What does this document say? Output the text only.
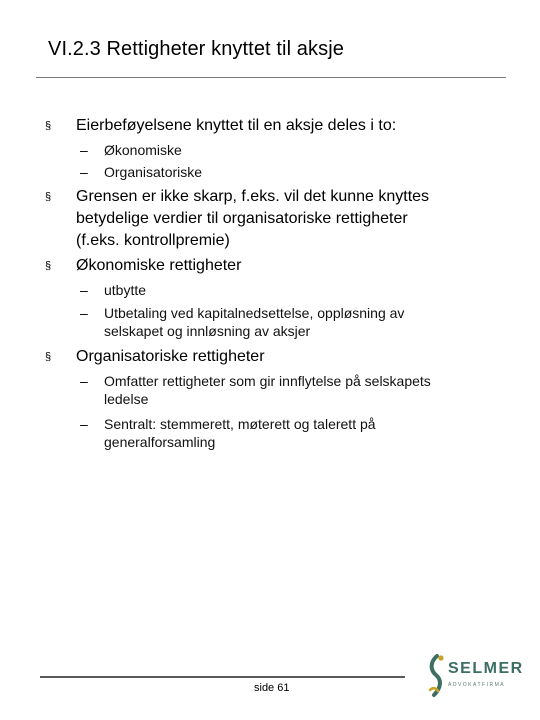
VI.2.3 Rettigheter knyttet til aksje
§ Eierbeføyelsene knyttet til en aksje deles i to:
– Økonomiske
– Organisatoriske
§ Grensen er ikke skarp, f.eks. vil det kunne knyttes
betydelige verdier til organisatoriske rettigheter
(f.eks. kontrollpremie)
§ Økonomiske rettigheter
– utbytte
– Utbetaling ved kapitalnedsettelse, oppløsning av
selskapet og innløsning av aksjer
§ Organisatoriske rettigheter
– Omfatter rettigheter som gir innflytelse på selskapets
ledelse
– Sentralt: stemmerett, møterett og talerett på
generalforsamling
side 61
SELMER
ADVOKATFIRMA
